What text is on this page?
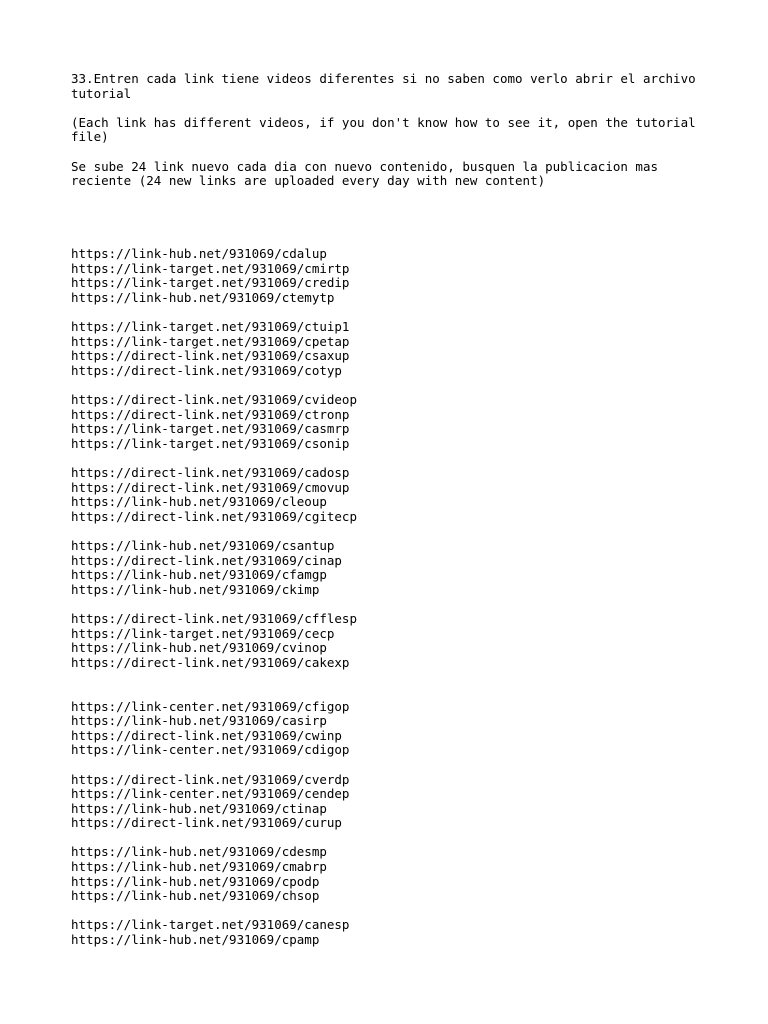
33.Entren cada link tiene videos diferentes si no saben como verlo abrir el archivo tutorial

(Each link has different videos, if you don't know how to see it, open the tutorial file)

Se sube 24 link nuevo cada dia con nuevo contenido, busquen la publicacion mas reciente (24 new links are uploaded every day with new content)

https://link-hub.net/931069/cdalup
https://link-target.net/931069/cmirtp
https://link-target.net/931069/credip
https://link-hub.net/931069/ctemytp
https://link-target.net/931069/ctuip1
https://link-target.net/931069/cpetap
https://direct-link.net/931069/csaxup
https://direct-link.net/931069/cotyp
https://direct-link.net/931069/cvideop
https://direct-link.net/931069/ctronp
https://link-target.net/931069/casmrp
https://link-target.net/931069/csonip
https://direct-link.net/931069/cadosp
https://direct-link.net/931069/cmovup
https://link-hub.net/931069/cleoup
https://direct-link.net/931069/cgitecp
https://link-hub.net/931069/csantup
https://direct-link.net/931069/cinap
https://link-hub.net/931069/cfamgp
https://link-hub.net/931069/ckimp
https://direct-link.net/931069/cfflesp
https://link-target.net/931069/cecp
https://link-hub.net/931069/cvinop
https://direct-link.net/931069/cakexp
https://link-center.net/931069/cfigop
https://link-hub.net/931069/casirp
https://direct-link.net/931069/cwinp
https://link-center.net/931069/cdigop
https://direct-link.net/931069/cverdp
https://link-center.net/931069/cendep
https://link-hub.net/931069/ctinap
https://direct-link.net/931069/curup
https://link-hub.net/931069/cdesmp
https://link-hub.net/931069/cmabrp
https://link-hub.net/931069/cpodp
https://link-hub.net/931069/chsop
https://link-target.net/931069/canesp
https://link-hub.net/931069/cpamp
